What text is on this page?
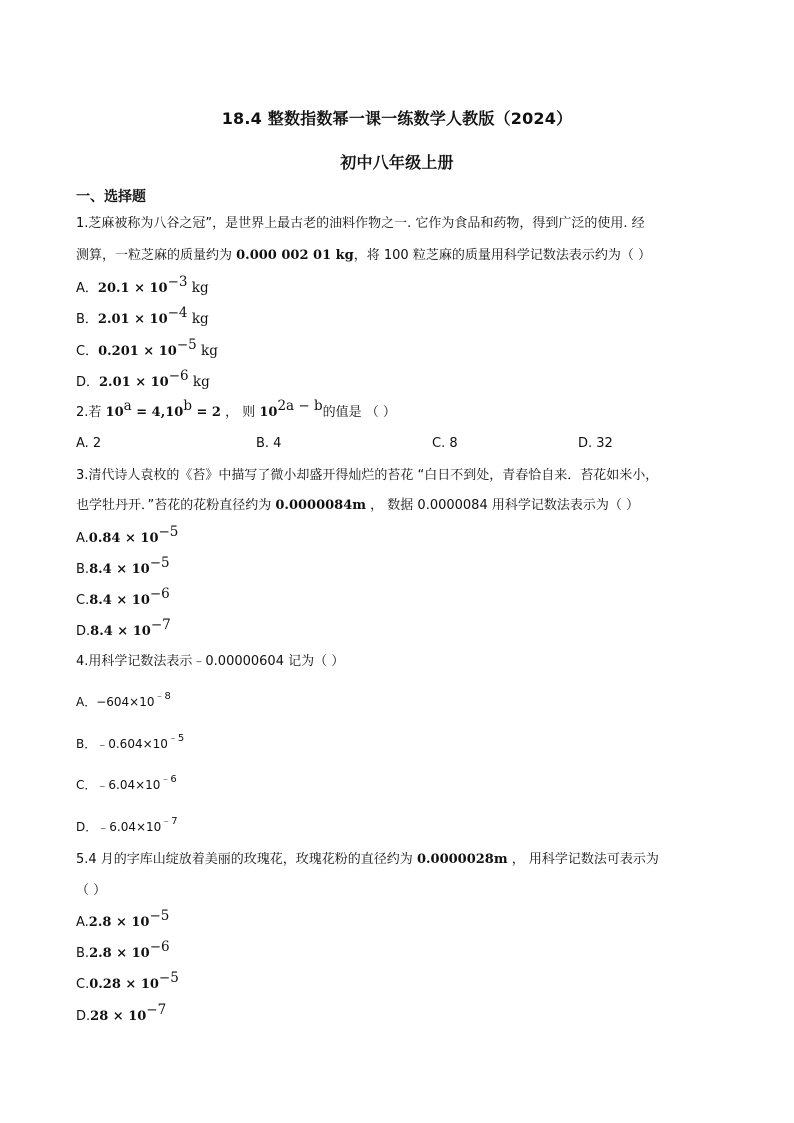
18.4 整数指数幂一课一练数学人教版（2024）
初中八年级上册
一、选择题
1.芝麻被称为八谷之冠”，是世界上最古老的油料作物之一. 它作为食品和药物，得到广泛的使用. 经
测算，一粒芝麻的质量约为 0.000 002 01 kg，将 100 粒芝麻的质量用科学记数法表示约为（ ）
A．$20.1 \times 10^{-3}$ kg
B．$2.01 \times 10^{-4}$ kg
C．$0.201 \times 10^{-5}$ kg
D．$2.01 \times 10^{-6}$ kg
2.若 $10^a = 4,10^b = 2$ ， 则 $10^{2a - b}$的值是 （ ）
A. 2	B. 4	C. 8	D. 32
3.清代诗人袁枚的《苔》中描写了微小却盛开得灿烂的苔花 “白日不到处，青春恰自来．苔花如米小，
也学牡丹开．”苔花的花粉直径约为 0.0000084m ， 数据 0.0000084 用科学记数法表示为（ ）
$A.0.84 \times 10^{-5}$
$B.8.4 \times 10^{-5}$
$C.8.4 \times 10^{-6}$
$D.8.4 \times 10^{-7}$
4.用科学记数法表示﹣0.00000604 记为（ ）
A．$-604\times 10^{﹣8}$
B．$﹣0.604\times 10^{﹣5}$
C．$﹣6.04\times 10^{﹣6}$
D．$﹣6.04\times 10^{﹣7}$
5.4 月的字库山绽放着美丽的玫瑰花，玫瑰花粉的直径约为 0.0000028m ， 用科学记数法可表示为
（ ）
$A.2.8 \times 10^{-5}$
$B.2.8 \times 10^{-6}$
$C.0.28 \times 10^{-5}$
$D.28 \times 10^{-7}$
